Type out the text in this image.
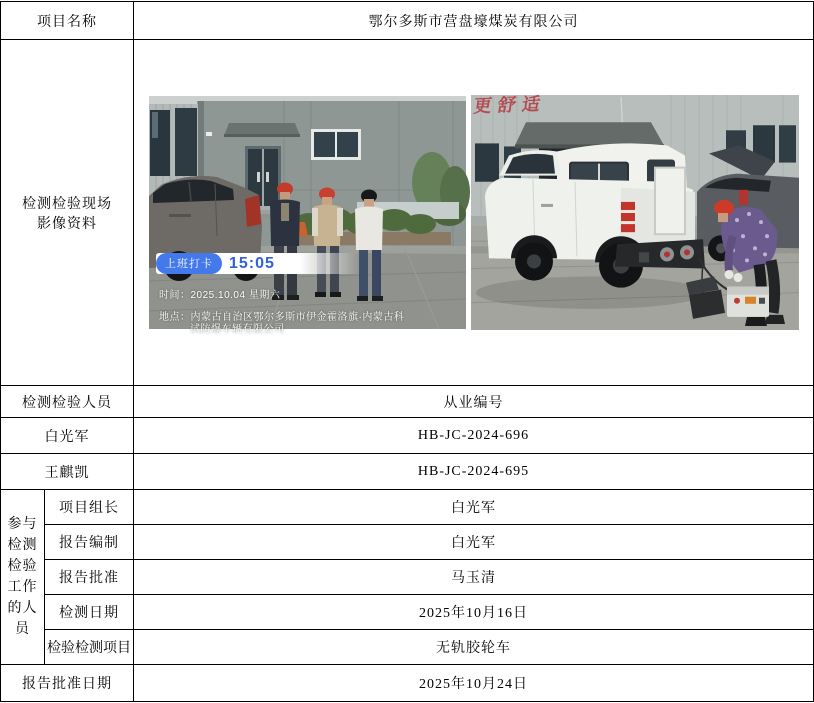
项目名称		鄂尔多斯市营盘壕煤炭有限公司

检测检验现场
影像资料

上班打卡	15:05
时间：2025.10.04 星期六
地点：内蒙古自治区鄂尔多斯市伊金霍洛旗·内蒙古科
试防爆车辆有限公司
更舒适

检测检验人员		从业编号
白光军		HB-JC-2024-696
王麒凯		HB-JC-2024-695

参与检测检验工作的人员	项目组长	白光军
	报告编制	白光军
	报告批准	马玉清
	检测日期	2025年10月16日
	检验检测项目	无轨胶轮车
报告批准日期		2025年10月24日
